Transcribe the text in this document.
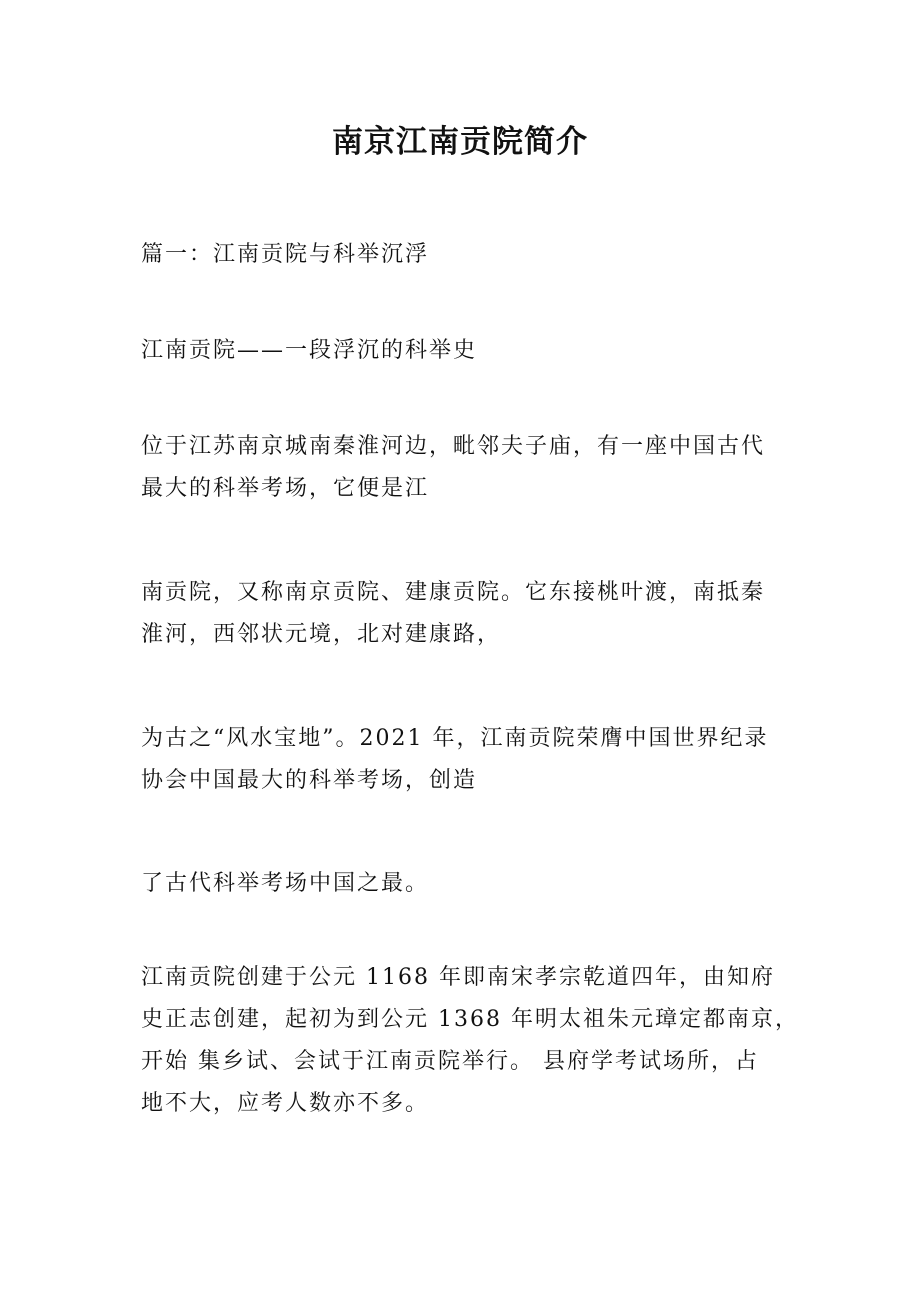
南京江南贡院简介

篇一：江南贡院与科举沉浮

江南贡院——一段浮沉的科举史

位于江苏南京城南秦淮河边，毗邻夫子庙，有一座中国古代
最大的科举考场，它便是江

南贡院，又称南京贡院、建康贡院。它东接桃叶渡，南抵秦
淮河，西邻状元境，北对建康路，

为古之“风水宝地”。2021 年，江南贡院荣膺中国世界纪录
协会中国最大的科举考场，创造

了古代科举考场中国之最。

江南贡院创建于公元 1168 年即南宋孝宗乾道四年，由知府
史正志创建，起初为到公元 1368 年明太祖朱元璋定都南京，
开始 集乡试、会试于江南贡院举行。 县府学考试场所，占
地不大，应考人数亦不多。
